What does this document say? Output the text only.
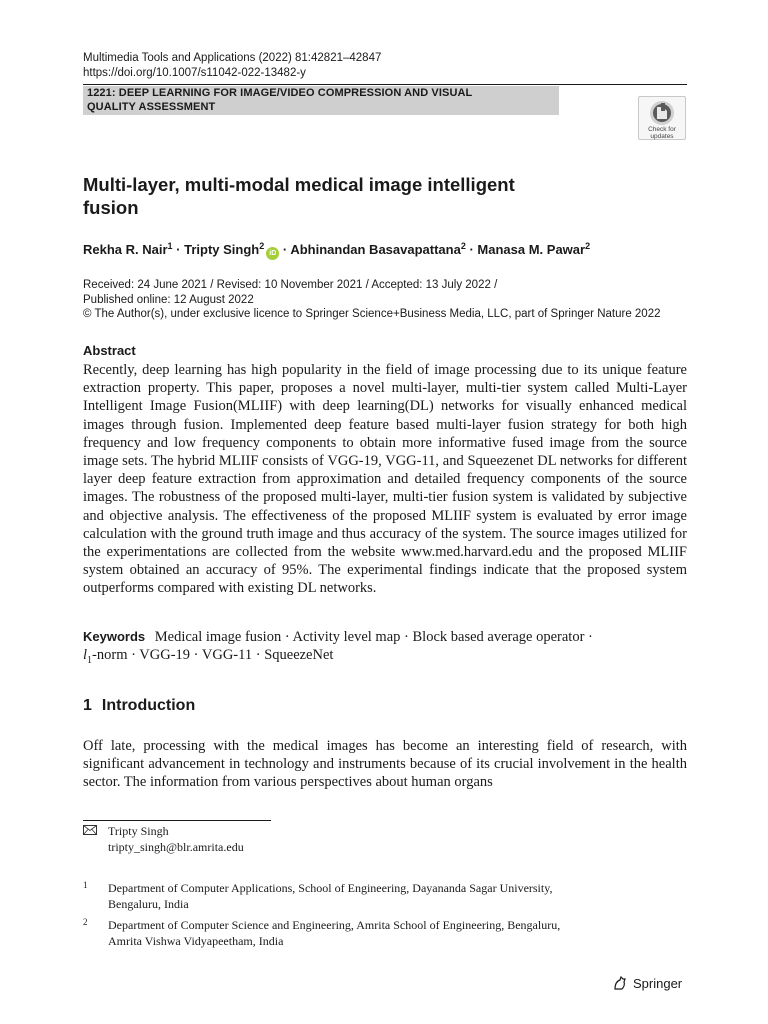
Multimedia Tools and Applications (2022) 81:42821–42847
https://doi.org/10.1007/s11042-022-13482-y
1221: DEEP LEARNING FOR IMAGE/VIDEO COMPRESSION AND VISUAL
QUALITY ASSESSMENT
Check for
updates
Multi-layer, multi-modal medical image intelligent
fusion
Rekha R. Nair$^1$ · Tripty Singh$^2$iD · Abhinandan Basavapattana$^2$ · Manasa M. Pawar$^2$
Received: 24 June 2021 / Revised: 10 November 2021 / Accepted: 13 July 2022 /
Published online: 12 August 2022
© The Author(s), under exclusive licence to Springer Science+Business Media, LLC, part of Springer Nature 2022
Abstract
Recently, deep learning has high popularity in the field of image processing due to its unique feature extraction property. This paper, proposes a novel multi-layer, multi-tier system called Multi-Layer Intelligent Image Fusion(MLIIF) with deep learning(DL) networks for visually enhanced medical images through fusion. Implemented deep feature based multi-layer fusion strategy for both high frequency and low frequency components to obtain more informative fused image from the source image sets. The hybrid MLIIF consists of VGG-19, VGG-11, and Squeezenet DL networks for different layer deep feature extraction from approximation and detailed frequency components of the source images. The robustness of the proposed multi-layer, multi-tier fusion system is validated by subjective and objective analysis. The effectiveness of the proposed MLIIF system is evaluated by error image calculation with the ground truth image and thus accuracy of the system. The source images utilized for the experimentations are collected from the website www.med.harvard.edu and the proposed MLIIF system obtained an accuracy of 95%. The experimental findings indicate that the proposed system outperforms compared with existing DL networks.
Keywords Medical image fusion · Activity level map · Block based average operator ·
$l_1$-norm · VGG-19 · VGG-11 · SqueezeNet
1 Introduction
Off late, processing with the medical images has become an interesting field of research, with significant advancement in technology and instruments because of its crucial involvement in the health sector. The information from various perspectives about human organs
Tripty Singh
tripty_singh@blr.amrita.edu
1 Department of Computer Applications, School of Engineering, Dayananda Sagar University,
Bengaluru, India
2 Department of Computer Science and Engineering, Amrita School of Engineering, Bengaluru,
Amrita Vishwa Vidyapeetham, India
Springer
